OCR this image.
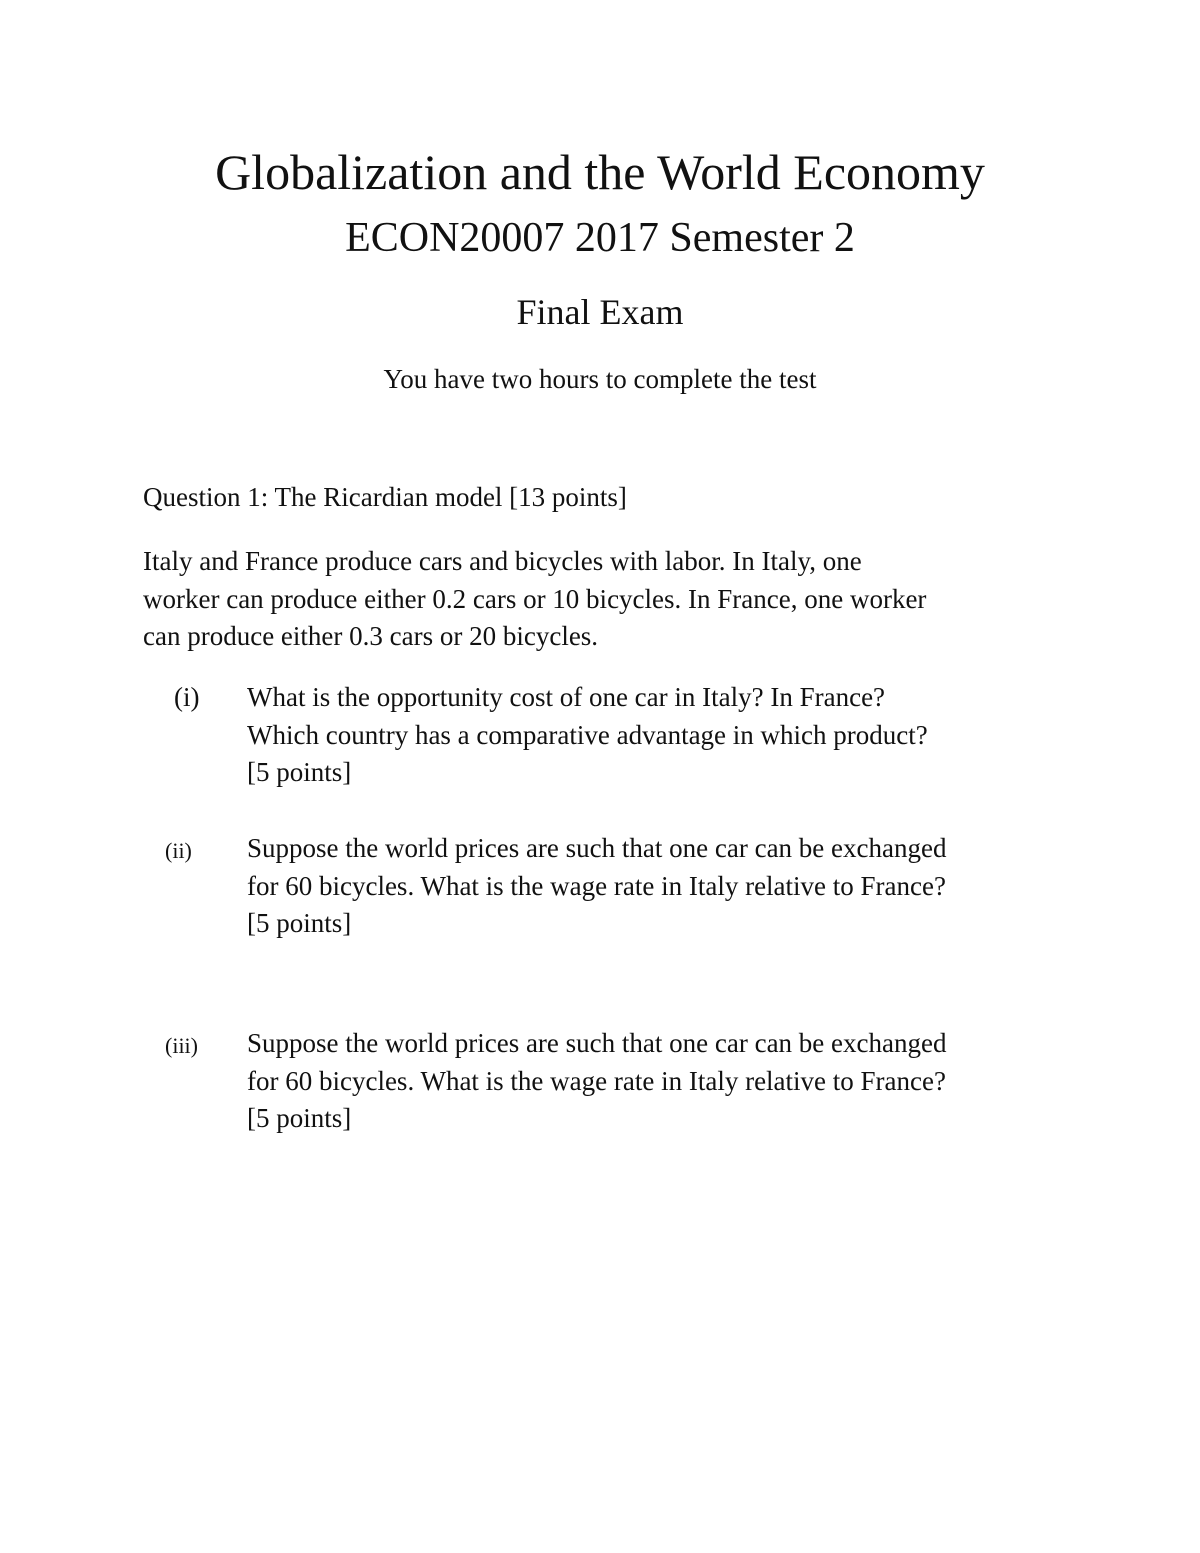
Globalization and the World Economy
ECON20007 2017 Semester 2
Final Exam
You have two hours to complete the test
Question 1: The Ricardian model [13 points]
Italy and France produce cars and bicycles with labor. In Italy, one
worker can produce either 0.2 cars or 10 bicycles. In France, one worker
can produce either 0.3 cars or 20 bicycles.
(i) What is the opportunity cost of one car in Italy? In France?
Which country has a comparative advantage in which product?
[5 points]
(ii) Suppose the world prices are such that one car can be exchanged
for 60 bicycles. What is the wage rate in Italy relative to France?
[5 points]
(iii) Suppose the world prices are such that one car can be exchanged
for 60 bicycles. What is the wage rate in Italy relative to France?
[5 points]
